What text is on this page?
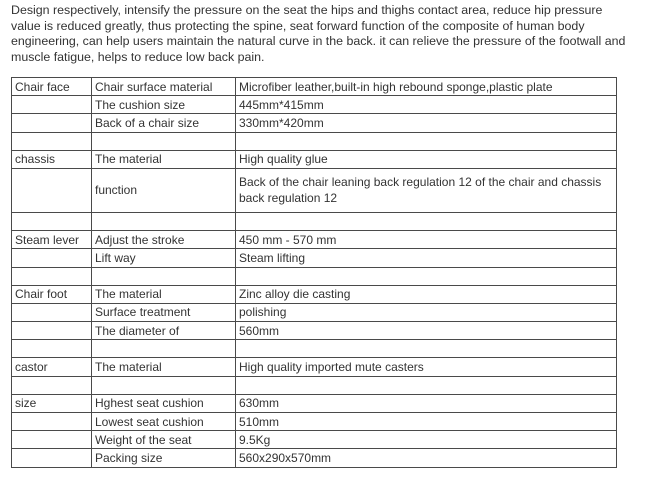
Design respectively, intensify the pressure on the seat the hips and thighs contact area, reduce hip pressure value is reduced greatly, thus protecting the spine, seat forward function of the composite of human body engineering, can help users maintain the natural curve in the back. it can relieve the pressure of the footwall and muscle fatigue, helps to reduce low back pain.

Chair face	Chair surface material	Microfiber leather,built-in high rebound sponge,plastic plate
	The cushion size	445mm*415mm
	Back of a chair size	330mm*420mm

chassis	The material	High quality glue
	function	Back of the chair leaning back regulation 12 of the chair and chassis back regulation 12

Steam lever	Adjust the stroke	450 mm - 570 mm
	Lift way	Steam lifting

Chair foot	The material	Zinc alloy die casting
	Surface treatment	polishing
	The diameter of	560mm

castor	The material	High quality imported mute casters

size	Hghest seat cushion	630mm
	Lowest seat cushion	510mm
	Weight of the seat	9.5Kg
	Packing size	560x290x570mm
